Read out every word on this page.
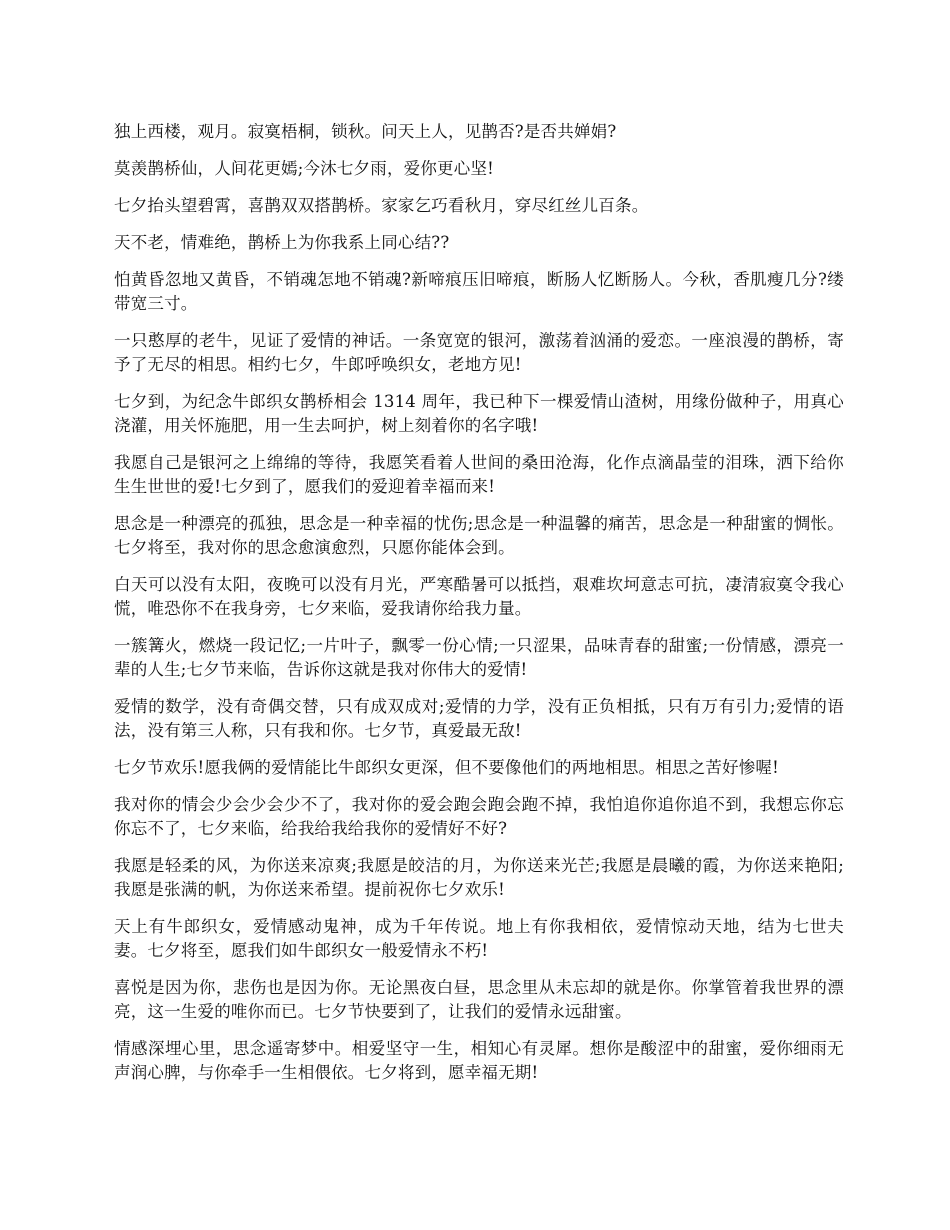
独上西楼，观月。寂寞梧桐，锁秋。问天上人，见鹊否?是否共婵娟?

莫羡鹊桥仙，人间花更嫣;今沐七夕雨，爱你更心坚!

七夕抬头望碧霄，喜鹊双双搭鹊桥。家家乞巧看秋月，穿尽红丝儿百条。

天不老，情难绝，鹊桥上为你我系上同心结??

怕黄昏忽地又黄昏，不销魂怎地不销魂?新啼痕压旧啼痕，断肠人忆断肠人。今秋，香肌瘦几分?缕带宽三寸。

一只憨厚的老牛，见证了爱情的神话。一条宽宽的银河，激荡着汹涌的爱恋。一座浪漫的鹊桥，寄予了无尽的相思。相约七夕，牛郎呼唤织女，老地方见!

七夕到，为纪念牛郎织女鹊桥相会 1314 周年，我已种下一棵爱情山渣树，用缘份做种子，用真心浇灌，用关怀施肥，用一生去呵护，树上刻着你的名字哦!

我愿自己是银河之上绵绵的等待，我愿笑看着人世间的桑田沧海，化作点滴晶莹的泪珠，洒下给你生生世世的爱!七夕到了，愿我们的爱迎着幸福而来!

思念是一种漂亮的孤独，思念是一种幸福的忧伤;思念是一种温馨的痛苦，思念是一种甜蜜的惆怅。七夕将至，我对你的思念愈演愈烈，只愿你能体会到。

白天可以没有太阳，夜晚可以没有月光，严寒酷暑可以抵挡，艰难坎坷意志可抗，凄清寂寞令我心慌，唯恐你不在我身旁，七夕来临，爱我请你给我力量。

一簇篝火，燃烧一段记忆;一片叶子，飘零一份心情;一只涩果，品味青春的甜蜜;一份情感，漂亮一辈的人生;七夕节来临，告诉你这就是我对你伟大的爱情!

爱情的数学，没有奇偶交替，只有成双成对;爱情的力学，没有正负相抵，只有万有引力;爱情的语法，没有第三人称，只有我和你。七夕节，真爱最无敌!

七夕节欢乐!愿我俩的爱情能比牛郎织女更深，但不要像他们的两地相思。相思之苦好惨喔!

我对你的情会少会少会少不了，我对你的爱会跑会跑会跑不掉，我怕追你追你追不到，我想忘你忘你忘不了，七夕来临，给我给我给我你的爱情好不好?

我愿是轻柔的风，为你送来凉爽;我愿是皎洁的月，为你送来光芒;我愿是晨曦的霞，为你送来艳阳;我愿是张满的帆，为你送来希望。提前祝你七夕欢乐!

天上有牛郎织女，爱情感动鬼神，成为千年传说。地上有你我相依，爱情惊动天地，结为七世夫妻。七夕将至，愿我们如牛郎织女一般爱情永不朽!

喜悦是因为你，悲伤也是因为你。无论黑夜白昼，思念里从未忘却的就是你。你掌管着我世界的漂亮，这一生爱的唯你而已。七夕节快要到了，让我们的爱情永远甜蜜。

情感深埋心里，思念遥寄梦中。相爱坚守一生，相知心有灵犀。想你是酸涩中的甜蜜，爱你细雨无声润心脾，与你牵手一生相偎依。七夕将到，愿幸福无期!
